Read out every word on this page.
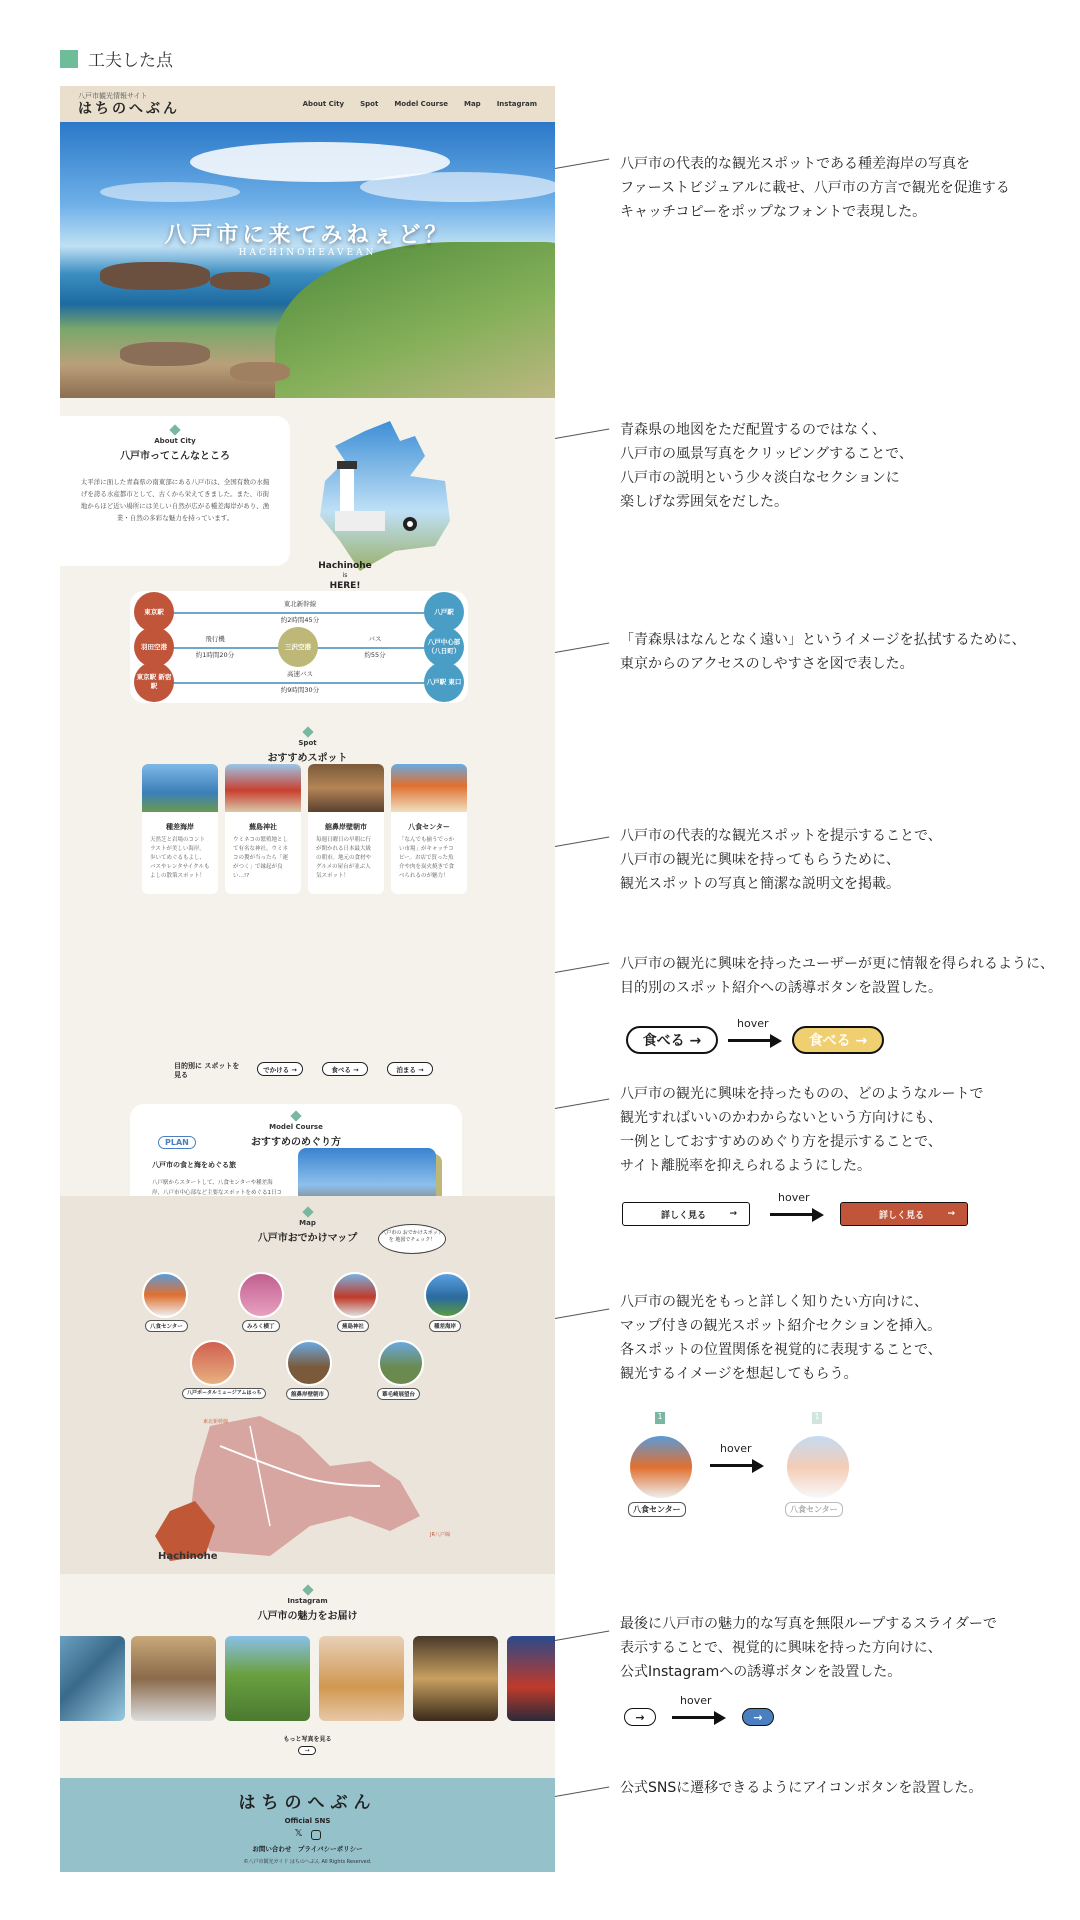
工夫した点
八戸市観光情報サイト
はちのへぶん	About City Spot Model Course Map Instagram
八戸市に来てみねぇど？
HACHINOHEAVEAN
About City
八戸市ってこんなところ

太平洋に面した青森県の南東部にある八戸市は、全国有数の水揚げを誇る水産都市として、古くから栄えてきました。また、市街地からほど近い場所には美しい自然が広がる種差海岸があり、漁業・自然の多彩な魅力を持っています。

Hachinohe
is
HERE!
東京駅
東北新幹線
約2時間45分
八戸駅
羽田空港
飛行機
約1時間20分
三沢空港
バス
約55分
八戸中心部（八日町）
東京駅 新宿駅
高速バス
約9時間30分
八戸駅 東口
Spot
おすすめスポット
種差海岸
天然芝と岩場のコントラストが美しい海岸。歩いてめぐるもよし、バスやレンタサイクルもよしの散策スポット！
蕪島神社
ウミネコの繁殖地として有名な神社。ウミネコの糞が当ったら「運がつく」で縁起が良い…!?
舘鼻岸壁朝市
毎週日曜日の早朝に行が開かれる日本最大級の朝市。地元の食材やグルメの屋台が並ぶ人気スポット！
八食センター
「なんでも揃うでっかい市場」がキャッチコピー。お店で買った魚介や肉を炭火焼きで食べられるのが魅力！
目的別に スポットを見る
でかける →	食べる →	泊まる →
Model Course
おすすめのめぐり方
PLAN
八戸市の食と海をめぐる旅
八戸駅からスタートして、八食センターや種差海岸、八戸市中心部など主要なスポットをめぐる1日コ
Map
八戸市おでかけマップ	八戸市の おでかけスポットを 地図でチェック！
八食センター	みろく横丁	蕪島神社	種差海岸
八戸ポータルミュージアムはっち	舘鼻岸壁朝市	葦毛崎展望台
東北新幹線
JR八戸線
Hachinohe
Instagram
八戸市の魅力をお届け
もっと写真を見る
→
はちのへぶん
Official SNS
𝕏
お問い合わせ　プライバシーポリシー
©八戸市観光ガイド はちのへぶん All Rights Reserved.
八戸市の代表的な観光スポットである種差海岸の写真を
ファーストビジュアルに載せ、八戸市の方言で観光を促進する
キャッチコピーをポップなフォントで表現した。
青森県の地図をただ配置するのではなく、
八戸市の風景写真をクリッピングすることで、
八戸市の説明という少々淡白なセクションに
楽しげな雰囲気をだした。
「青森県はなんとなく遠い」というイメージを払拭するために、
東京からのアクセスのしやすさを図で表した。
八戸市の代表的な観光スポットを提示することで、
八戸市の観光に興味を持ってもらうために、
観光スポットの写真と簡潔な説明文を掲載。
八戸市の観光に興味を持ったユーザーが更に情報を得られるように、
目的別のスポット紹介への誘導ボタンを設置した。
食べる →
hover
食べる →
八戸市の観光に興味を持ったものの、どのようなルートで
観光すればいいのかわからないという方向けにも、
一例としておすすめのめぐり方を提示することで、
サイト離脱率を抑えられるようにした。
詳しく見る	→
hover
詳しく見る	→
八戸市の観光をもっと詳しく知りたい方向けに、
マップ付きの観光スポット紹介セクションを挿入。
各スポットの位置関係を視覚的に表現することで、
観光するイメージを想起してもらう。
1
八食センター
hover
1
八食センター
最後に八戸市の魅力的な写真を無限ループするスライダーで
表示することで、視覚的に興味を持った方向けに、
公式Instagramへの誘導ボタンを設置した。
→
hover
→
公式SNSに遷移できるようにアイコンボタンを設置した。
